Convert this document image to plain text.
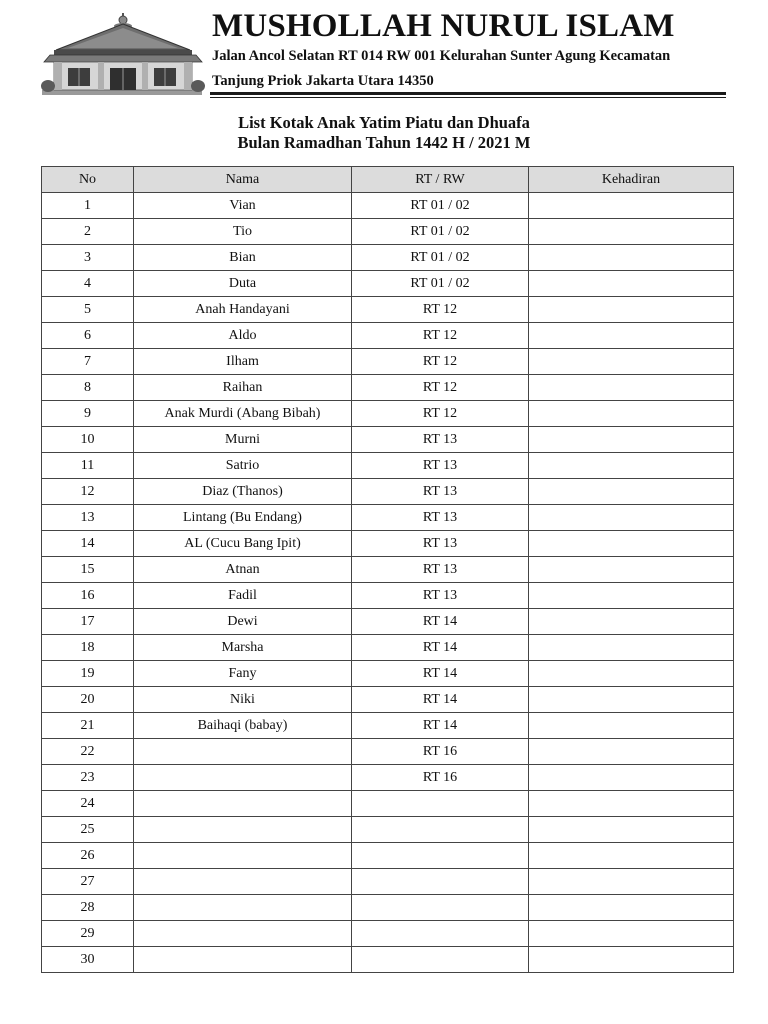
MUSHOLLAH NURUL ISLAM
Jalan Ancol Selatan RT 014 RW 001 Kelurahan Sunter Agung Kecamatan
Tanjung Priok Jakarta Utara 14350
List Kotak Anak Yatim Piatu dan Dhuafa
Bulan Ramadhan Tahun 1442 H / 2021 M
No	Nama	RT / RW	Kehadiran
1	Vian	RT 01 / 02	
2	Tio	RT 01 / 02	
3	Bian	RT 01 / 02	
4	Duta	RT 01 / 02	
5	Anah Handayani	RT 12	
6	Aldo	RT 12	
7	Ilham	RT 12	
8	Raihan	RT 12	
9	Anak Murdi (Abang Bibah)	RT 12	
10	Murni	RT 13	
11	Satrio	RT 13	
12	Diaz (Thanos)	RT 13	
13	Lintang (Bu Endang)	RT 13	
14	AL (Cucu Bang Ipit)	RT 13	
15	Atnan	RT 13	
16	Fadil	RT 13	
17	Dewi	RT 14	
18	Marsha	RT 14	
19	Fany	RT 14	
20	Niki	RT 14	
21	Baihaqi (babay)	RT 14	
22		RT 16	
23		RT 16	
24			
25			
26			
27			
28			
29			
30			
